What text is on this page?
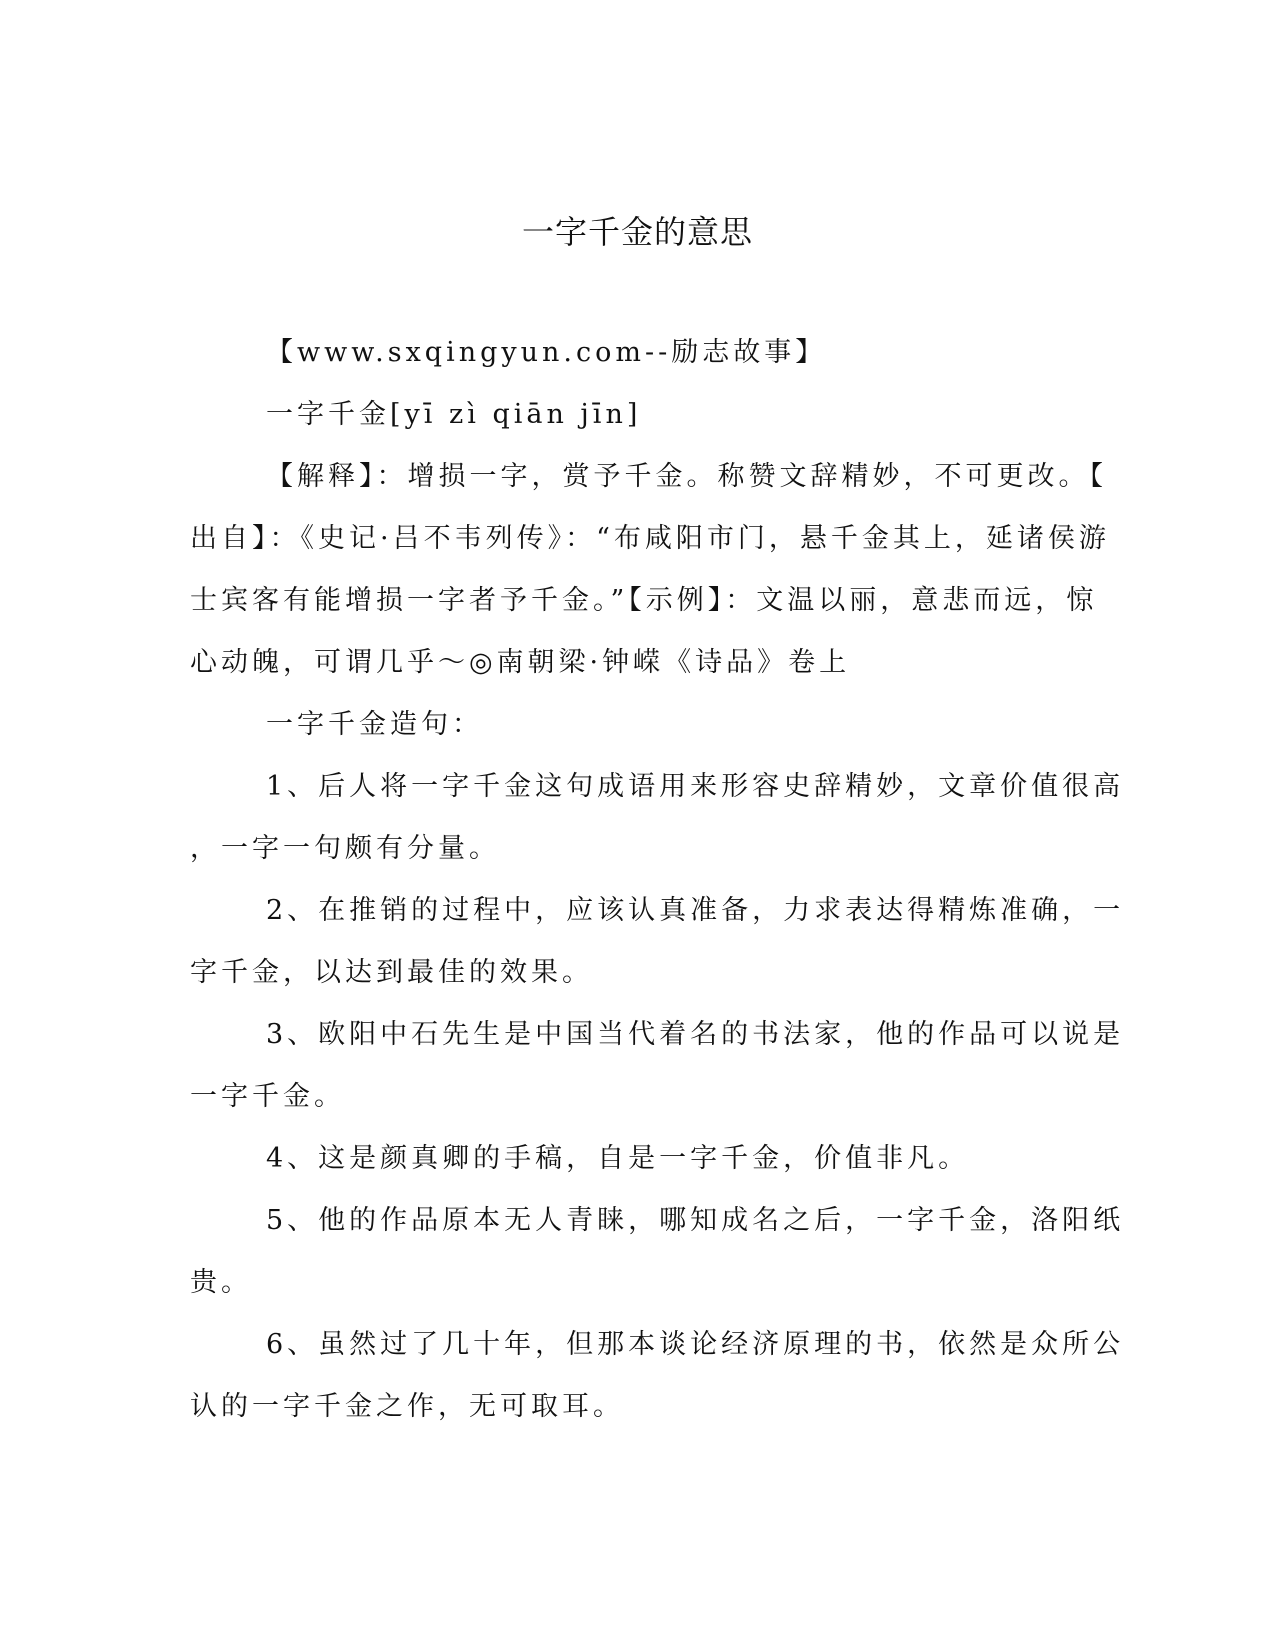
一字千金的意思
【www.sxqingyun.com--励志故事】
一字千金[yī zì qiān jīn]
【解释】：增损一字，赏予千金。称赞文辞精妙，不可更改。【
出自】：《史记·吕不韦列传》：“布咸阳市门，悬千金其上，延诸侯游
士宾客有能增损一字者予千金。”【示例】：文温以丽，意悲而远，惊
心动魄，可谓几乎～◎南朝梁·钟嵘《诗品》卷上
一字千金造句：
1、后人将一字千金这句成语用来形容史辞精妙，文章价值很高
，一字一句颇有分量。
2、在推销的过程中，应该认真准备，力求表达得精炼准确，一
字千金，以达到最佳的效果。
3、欧阳中石先生是中国当代着名的书法家，他的作品可以说是
一字千金。
4、这是颜真卿的手稿，自是一字千金，价值非凡。
5、他的作品原本无人青睐，哪知成名之后，一字千金，洛阳纸
贵。
6、虽然过了几十年，但那本谈论经济原理的书，依然是众所公
认的一字千金之作，无可取耳。
